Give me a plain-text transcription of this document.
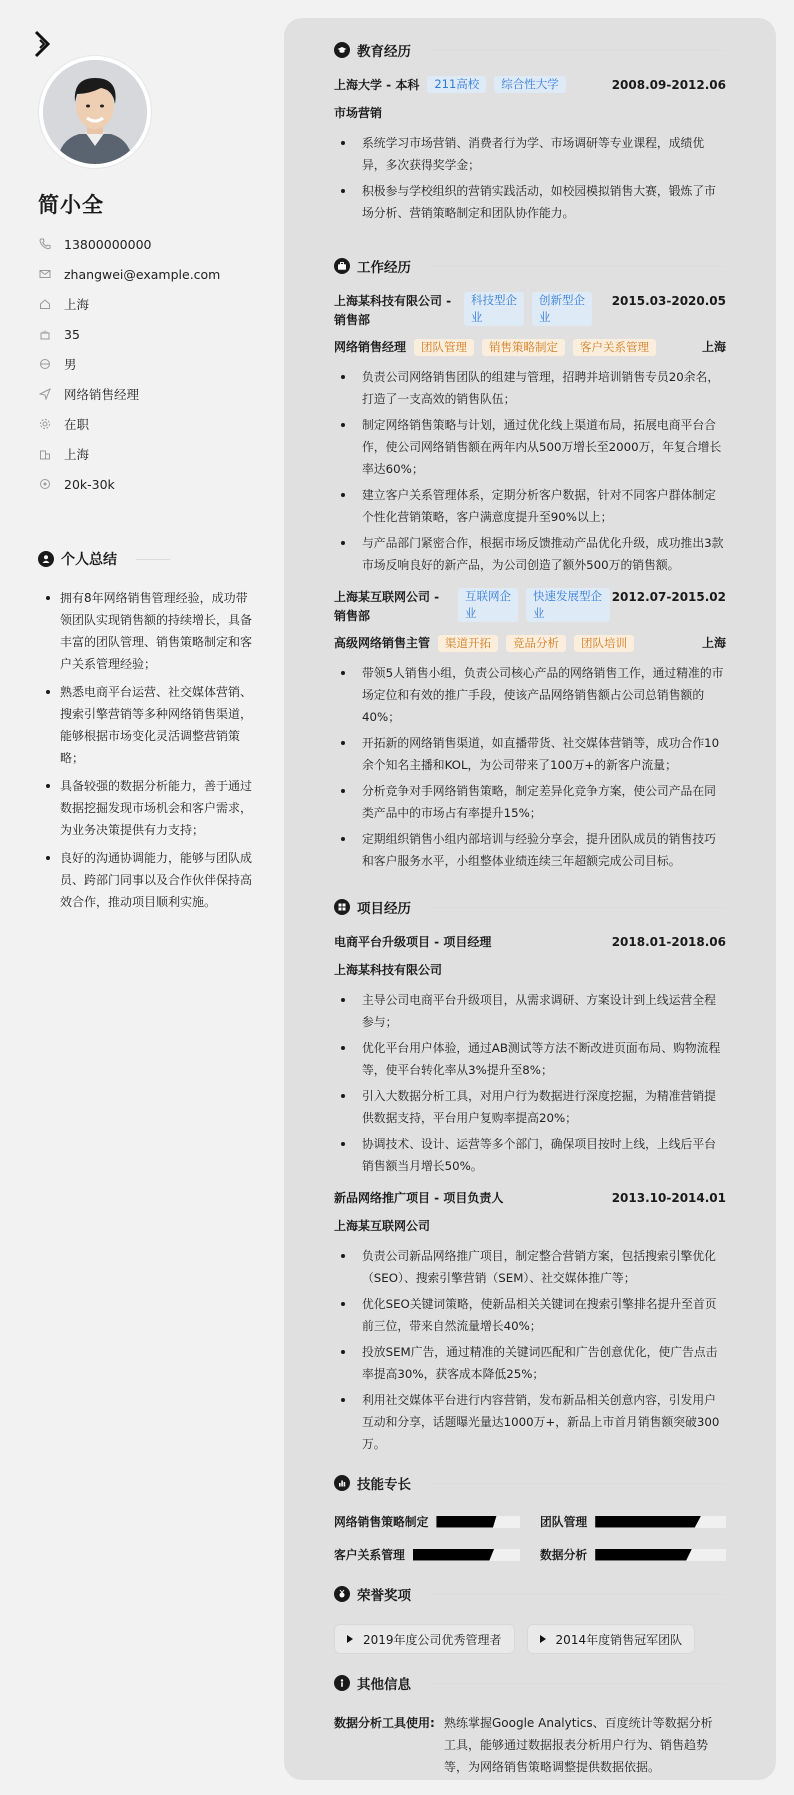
简小全
13800000000
zhangwei@example.com
上海
35
男
网络销售经理
在职
上海
20k-30k
个人总结
拥有8年网络销售管理经验，成功带领团队实现销售额的持续增长，具备丰富的团队管理、销售策略制定和客户关系管理经验；
熟悉电商平台运营、社交媒体营销、搜索引擎营销等多种网络销售渠道，能够根据市场变化灵活调整营销策略；
具备较强的数据分析能力，善于通过数据挖掘发现市场机会和客户需求，为业务决策提供有力支持；
良好的沟通协调能力，能够与团队成员、跨部门同事以及合作伙伴保持高效合作，推动项目顺利实施。
教育经历
上海大学 - 本科	211高校	综合性大学	2008.09-2012.06
市场营销
系统学习市场营销、消费者行为学、市场调研等专业课程，成绩优异，多次获得奖学金；
积极参与学校组织的营销实践活动，如校园模拟销售大赛，锻炼了市场分析、营销策略制定和团队协作能力。
工作经历
上海某科技有限公司 - 销售部
科技型企业
创新型企业
2015.03-2020.05
网络销售经理	团队管理	销售策略制定	客户关系管理	上海
负责公司网络销售团队的组建与管理，招聘并培训销售专员20余名，打造了一支高效的销售队伍；
制定网络销售策略与计划，通过优化线上渠道布局，拓展电商平台合作，使公司网络销售额在两年内从500万增长至2000万，年复合增长率达60%；
建立客户关系管理体系，定期分析客户数据，针对不同客户群体制定个性化营销策略，客户满意度提升至90%以上；
与产品部门紧密合作，根据市场反馈推动产品优化升级，成功推出3款市场反响良好的新产品，为公司创造了额外500万的销售额。
上海某互联网公司 - 销售部
互联网企业
快速发展型企业
2012.07-2015.02
高级网络销售主管	渠道开拓	竞品分析	团队培训	上海
带领5人销售小组，负责公司核心产品的网络销售工作，通过精准的市场定位和有效的推广手段，使该产品网络销售额占公司总销售额的40%；
开拓新的网络销售渠道，如直播带货、社交媒体营销等，成功合作10余个知名主播和KOL，为公司带来了100万+的新客户流量；
分析竞争对手网络销售策略，制定差异化竞争方案，使公司产品在同类产品中的市场占有率提升15%；
定期组织销售小组内部培训与经验分享会，提升团队成员的销售技巧和客户服务水平，小组整体业绩连续三年超额完成公司目标。
项目经历
电商平台升级项目 - 项目经理	2018.01-2018.06
上海某科技有限公司
主导公司电商平台升级项目，从需求调研、方案设计到上线运营全程参与；
优化平台用户体验，通过AB测试等方法不断改进页面布局、购物流程等，使平台转化率从3%提升至8%；
引入大数据分析工具，对用户行为数据进行深度挖掘，为精准营销提供数据支持，平台用户复购率提高20%；
协调技术、设计、运营等多个部门，确保项目按时上线，上线后平台销售额当月增长50%。
新品网络推广项目 - 项目负责人	2013.10-2014.01
上海某互联网公司
负责公司新品网络推广项目，制定整合营销方案，包括搜索引擎优化（SEO）、搜索引擎营销（SEM）、社交媒体推广等；
优化SEO关键词策略，使新品相关关键词在搜索引擎排名提升至首页前三位，带来自然流量增长40%；
投放SEM广告，通过精准的关键词匹配和广告创意优化，使广告点击率提高30%，获客成本降低25%；
利用社交媒体平台进行内容营销，发布新品相关创意内容，引发用户互动和分享，话题曝光量达1000万+，新品上市首月销售额突破300万。
技能专长
网络销售策略制定	团队管理
客户关系管理	数据分析
荣誉奖项
2019年度公司优秀管理者	2014年度销售冠军团队
其他信息
数据分析工具使用: 熟练掌握Google Analytics、百度统计等数据分析工具，能够通过数据报表分析用户行为、销售趋势等，为网络销售策略调整提供数据依据。
